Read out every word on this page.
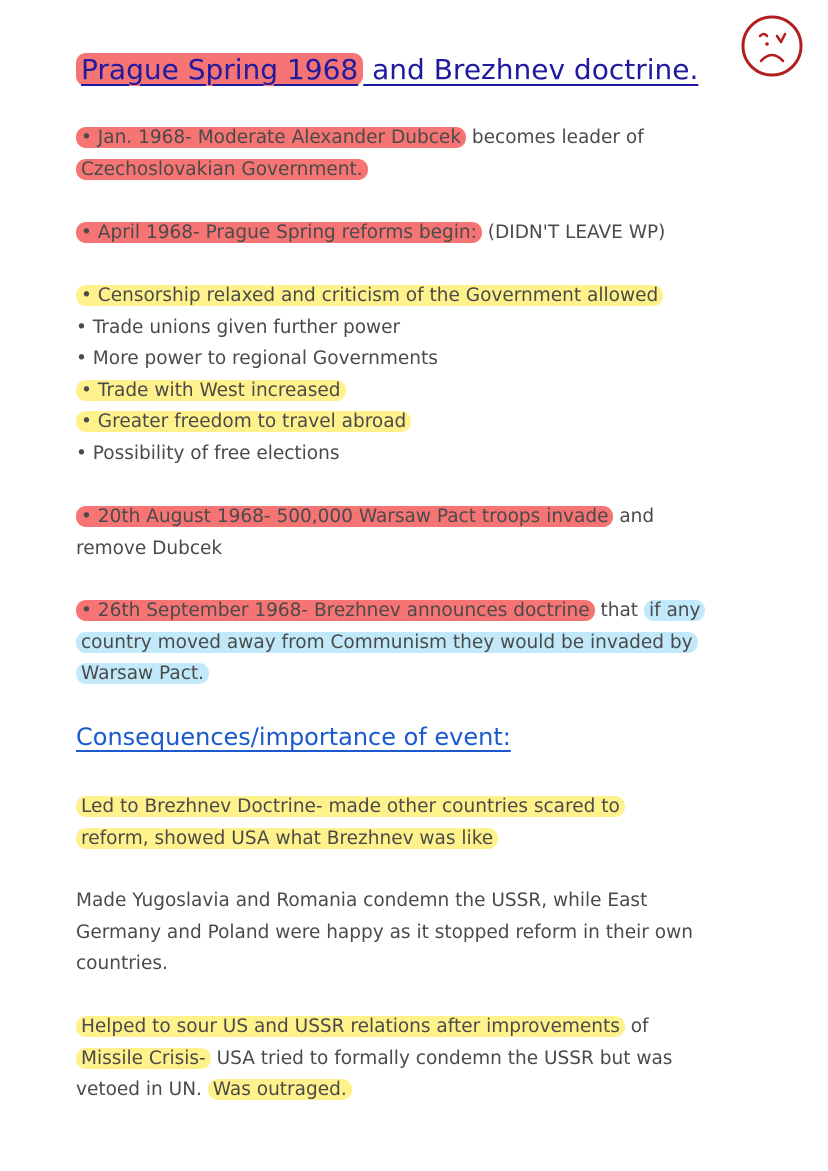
Prague Spring 1968 and Brezhnev doctrine.
• Jan. 1968- Moderate Alexander Dubcek becomes leader of
Czechoslovakian Government.
• April 1968- Prague Spring reforms begin: (DIDN'T LEAVE WP)
• Censorship relaxed and criticism of the Government allowed
• Trade unions given further power
• More power to regional Governments
• Trade with West increased
• Greater freedom to travel abroad
• Possibility of free elections
• 20th August 1968- 500,000 Warsaw Pact troops invade and
remove Dubcek
• 26th September 1968- Brezhnev announces doctrine that if any
country moved away from Communism they would be invaded by
Warsaw Pact.
Consequences/importance of event:
Led to Brezhnev Doctrine- made other countries scared to
reform, showed USA what Brezhnev was like
Made Yugoslavia and Romania condemn the USSR, while East Germany and Poland were happy as it stopped reform in their own countries.
Helped to sour US and USSR relations after improvements of
Missile Crisis- USA tried to formally condemn the USSR but was vetoed in UN. Was outraged.
